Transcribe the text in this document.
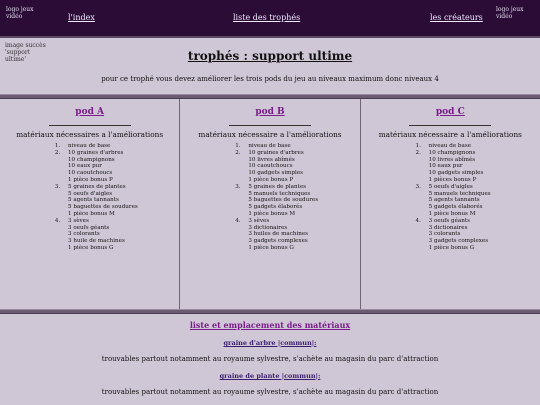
logo jeux vidéo	l'index	liste des trophés	les créateurs
logo jeux vidéo
image succès 'support ultime'	trophés : support ultime
pour ce trophé vous devez améliorer les trois pods du jeu au niveaux maximum donc niveaux 4
pod A
matériaux nécessaires a l'améliorations
1. niveau de base
2. 10 graines d'arbres
10 champignons
10 eaux pur
10 caoutchoucs
1 pièce bonus P
3. 5 graines de plantes
5 oeufs d'aigles
5 agents tannants
5 baguettes de soudures
1 pièce bonus M
4. 3 sèves
3 oeufs géants
3 colorants
3 huile de machines
1 pièce bonus G
pod B
matériaux nécessaire a l'améliorations
1. niveau de base
2. 10 graines d'arbres
10 livres abîmés
10 caoutchoucs
10 gadgets simples
1 pièce bonus P
3. 5 graines de plantes
5 manuels techniques
5 baguettes de soudures
5 gadgets élaborés
1 pièce bonus M
4. 3 sèves
3 dictionaires
3 huiles de machines
3 gadgets complexes
1 pièce bonus G
pod C
matériaux nécessaire a l'améliorations
1. niveau de base
2. 10 champignons
10 livres abîmés
10 eaux pur
10 gadgets simples
1 pièces bonus P
3. 5 oeufs d'aigles
5 manuels techniques
5 agents tannants
5 gadgets élaborés
1 pièce bonus M
4. 3 oeufs géants
3 dictionaires
3 colorants
3 gadgets complexes
1 pièce bonus G
liste et emplacement des matériaux
graine d'arbre |commun|:
trouvables partout notamment au royaume sylvestre, s'achète au magasin du parc d'attraction
graine de plante |commun|:
trouvables partout notamment au royaume sylvestre, s'achète au magasin du parc d'attraction
